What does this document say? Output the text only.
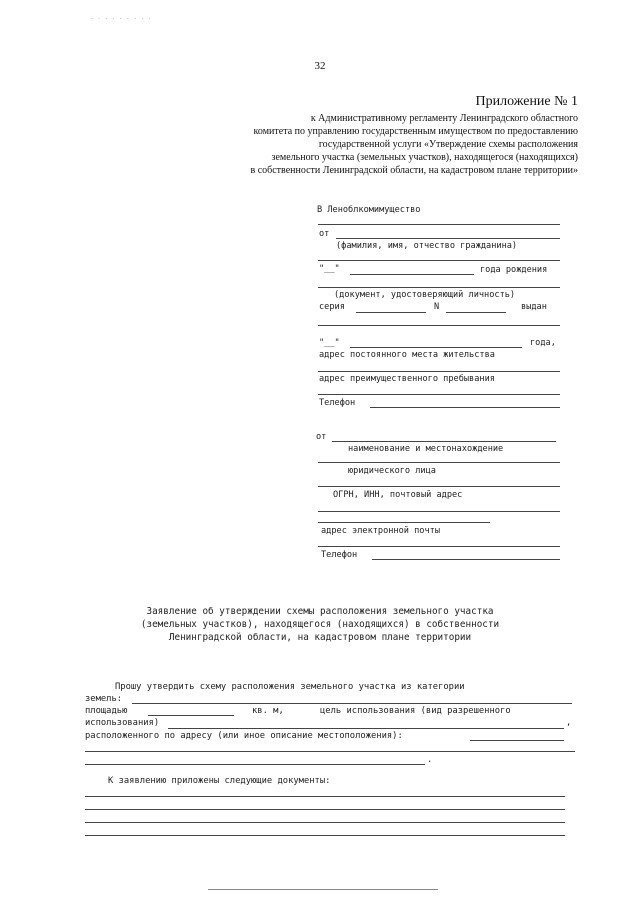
. . . . . . . . .
32
Приложение № 1
к Административному регламенту Ленинградского областного
комитета по управлению государственным имуществом по предоставлению
государственной услуги «Утверждение схемы расположения
земельного участка (земельных участков), находящегося (находящихся)
в собственности Ленинградской области, на кадастровом плане территории»
В Леноблкомимущество
от
(фамилия, имя, отчество гражданина)
"__"	года рождения
(документ, удостоверяющий личность)
серия	N	выдан
"__"	года,
адрес постоянного места жительства
адрес преимущественного пребывания
Телефон
от
наименование и местонахождение
юридического лица
ОГРН, ИНН, почтовый адрес
адрес электронной почты
Телефон
Заявление об утверждении схемы расположения земельного участка
(земельных участков), находящегося (находящихся) в собственности
Ленинградской области, на кадастровом плане территории
Прошу утвердить схему расположения земельного участка из категории
земель:
площадью	кв. м,	цель использования (вид разрешенного
использования)	,
расположенного по адресу (или иное описание местоположения):
.
К заявлению приложены следующие документы:
